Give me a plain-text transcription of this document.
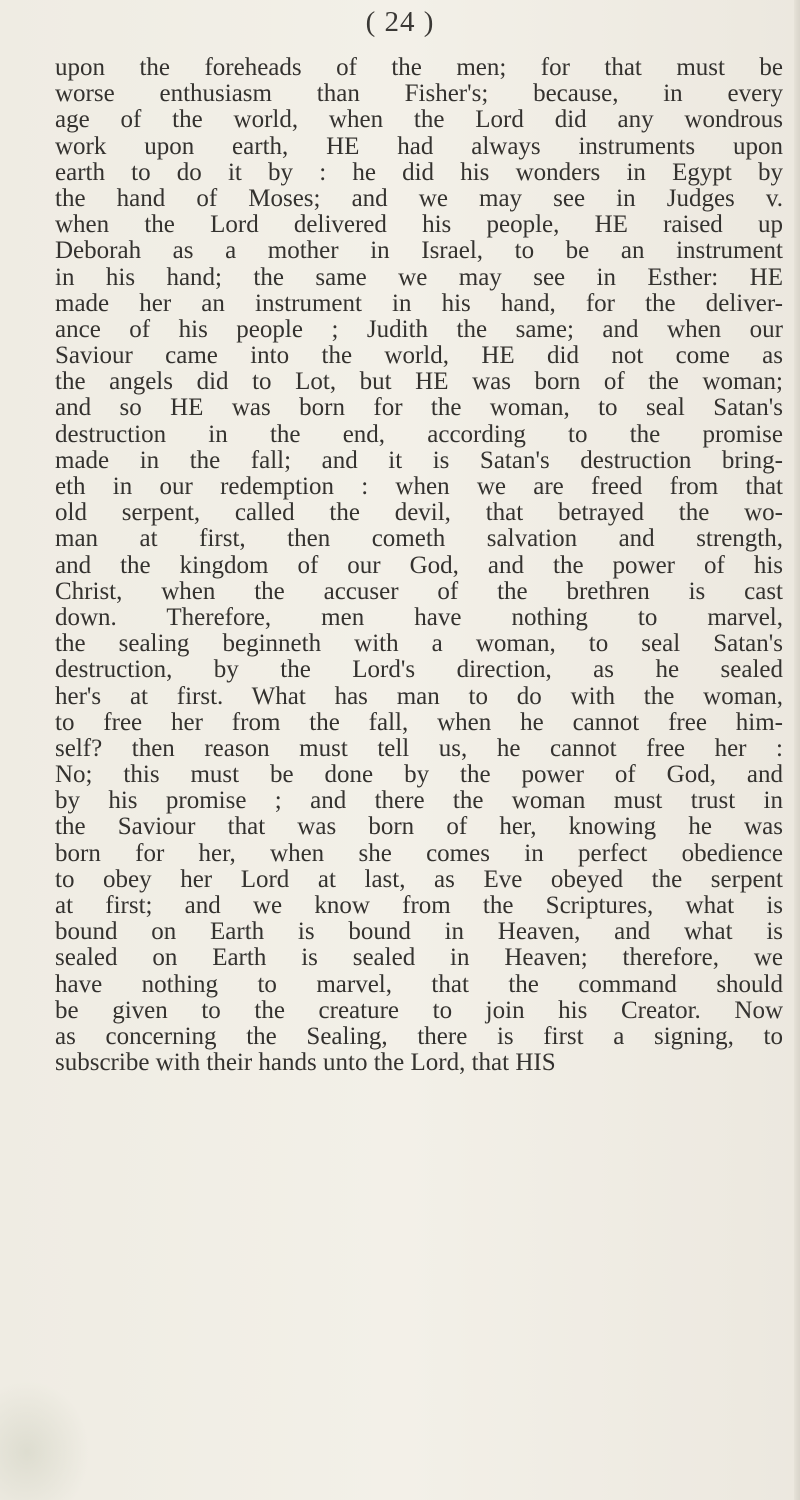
( 24 )
upon the foreheads of the men; for that must be
worse enthusiasm than Fisher's; because, in every
age of the world, when the Lord did any wondrous
work upon earth, HE had always instruments upon
earth to do it by : he did his wonders in Egypt by
the hand of Moses; and we may see in Judges v.
when the Lord delivered his people, HE raised up
Deborah as a mother in Israel, to be an instrument
in his hand; the same we may see in Esther: HE
made her an instrument in his hand, for the deliver-
ance of his people ; Judith the same; and when our
Saviour came into the world, HE did not come as
the angels did to Lot, but HE was born of the woman;
and so HE was born for the woman, to seal Satan's
destruction in the end, according to the promise
made in the fall; and it is Satan's destruction bring-
eth in our redemption : when we are freed from that
old serpent, called the devil, that betrayed the wo-
man at first, then cometh salvation and strength,
and the kingdom of our God, and the power of his
Christ, when the accuser of the brethren is cast
down. Therefore, men have nothing to marvel,
the sealing beginneth with a woman, to seal Satan's
destruction, by the Lord's direction, as he sealed
her's at first. What has man to do with the woman,
to free her from the fall, when he cannot free him-
self? then reason must tell us, he cannot free her :
No; this must be done by the power of God, and
by his promise ; and there the woman must trust in
the Saviour that was born of her, knowing he was
born for her, when she comes in perfect obedience
to obey her Lord at last, as Eve obeyed the serpent
at first; and we know from the Scriptures, what is
bound on Earth is bound in Heaven, and what is
sealed on Earth is sealed in Heaven; therefore, we
have nothing to marvel, that the command should
be given to the creature to join his Creator. Now
as concerning the Sealing, there is first a signing, to
subscribe with their hands unto the Lord, that HIS
